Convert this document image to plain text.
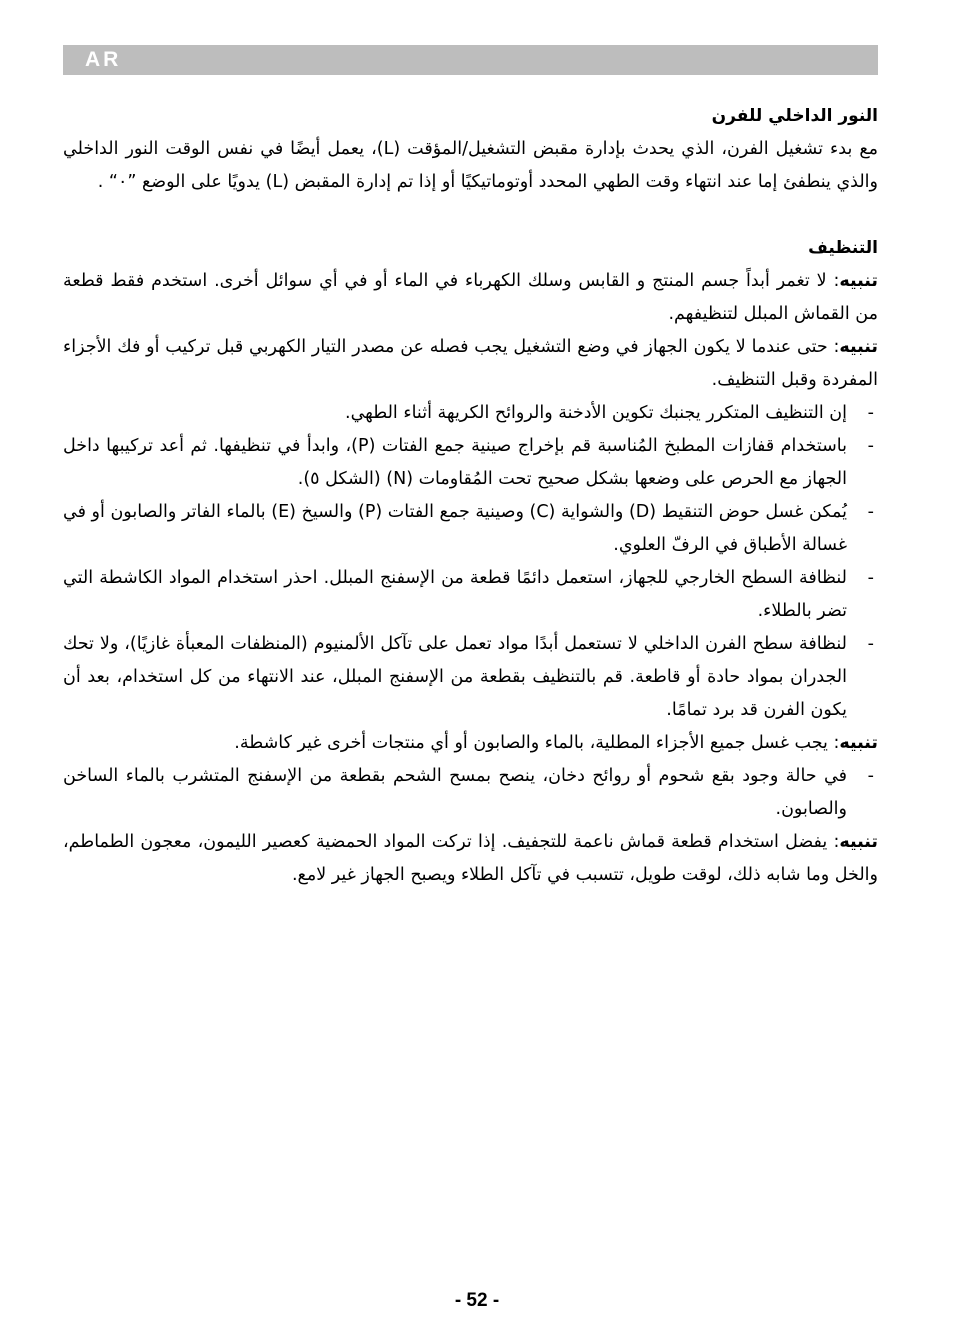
AR

النور الداخلي للفرن

مع بدء تشغيل الفرن، الذي يحدث بإدارة مقبض التشغيل/المؤقت (L)، يعمل أيضًا في نفس الوقت النور الداخلي والذي ينطفئ إما عند انتهاء وقت الطهي المحدد أوتوماتيكيًا أو إذا تم إدارة المقبض (L) يدويًا على الوضع ”٠“ .

التنظيف

تنبيه: لا تغمر أبداً جسم المنتج و القابس وسلك الكهرباء في الماء أو في أي سوائل أخرى. استخدم فقط قطعة من القماش المبلل لتنظيفهم.

تنبيه: حتى عندما لا يكون الجهاز في وضع التشغيل يجب فصله عن مصدر التيار الكهربي قبل تركيب أو فك الأجزاء المفردة وقبل التنظيف.

-
إن التنظيف المتكرر يجنبك تكوين الأدخنة والروائح الكريهة أثناء الطهي.
-
باستخدام قفازات المطبخ المُناسبة قم بإخراج صينية جمع الفتات (P)، وابدأ في تنظيفها. ثم أعد تركيبها داخل الجهاز مع الحرص على وضعها بشكل صحيح تحت المُقاومات (N) (الشكل ٥).
-
يُمكن غسل حوض التنقيط (D) والشواية (C) وصينية جمع الفتات (P) والسيخ (E) بالماء الفاتر والصابون أو في غسالة الأطباق في الرفّ العلوي.
-
لنظافة السطح الخارجي للجهاز، استعمل دائمًا قطعة من الإسفنج المبلل. احذر استخدام المواد الكاشطة التي تضر بالطلاء.
-
لنظافة سطح الفرن الداخلي لا تستعمل أبدًا مواد تعمل على تآكل الألمنيوم (المنظفات المعبأة غازيًا)، ولا تحك الجدران بمواد حادة أو قاطعة. قم بالتنظيف بقطعة من الإسفنج المبلل، عند الانتهاء من كل استخدام، بعد أن يكون الفرن قد برد تمامًا.

تنبيه: يجب غسل جميع الأجزاء المطلية، بالماء والصابون أو أي منتجات أخرى غير كاشطة.

-
في حالة وجود بقع شحوم أو روائح دخان، ينصح بمسح الشحم بقطعة من الإسفنج المتشرب بالماء الساخن والصابون.

تنبيه: يفضل استخدام قطعة قماش ناعمة للتجفيف. إذا تركت المواد الحمضية كعصير الليمون، معجون الطماطم، والخل وما شابه ذلك، لوقت طويل، تتسبب في تآكل الطلاء ويصبح الجهاز غير لامع.

- 52 -
